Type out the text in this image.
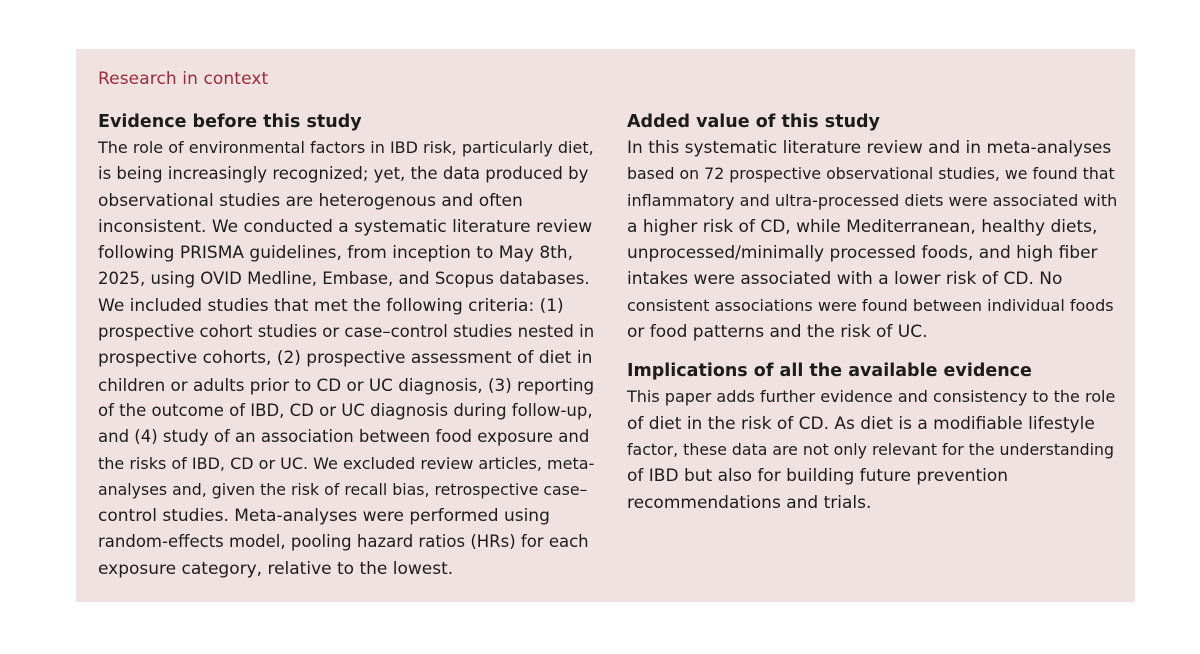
Research in context
Evidence before this study

The role of environmental factors in IBD risk, particularly diet,
is being increasingly recognized; yet, the data produced by
observational studies are heterogenous and often
inconsistent. We conducted a systematic literature review
following PRISMA guidelines, from inception to May 8th,
2025, using OVID Medline, Embase, and Scopus databases.
We included studies that met the following criteria: (1)
prospective cohort studies or case–control studies nested in
prospective cohorts, (2) prospective assessment of diet in
children or adults prior to CD or UC diagnosis, (3) reporting
of the outcome of IBD, CD or UC diagnosis during follow-up,
and (4) study of an association between food exposure and
the risks of IBD, CD or UC. We excluded review articles, meta-
analyses and, given the risk of recall bias, retrospective case–
control studies. Meta-analyses were performed using
random-effects model, pooling hazard ratios (HRs) for each
exposure category, relative to the lowest.

Added value of this study

In this systematic literature review and in meta-analyses
based on 72 prospective observational studies, we found that
inflammatory and ultra-processed diets were associated with
a higher risk of CD, while Mediterranean, healthy diets,
unprocessed/minimally processed foods, and high fiber
intakes were associated with a lower risk of CD. No
consistent associations were found between individual foods
or food patterns and the risk of UC.

Implications of all the available evidence

This paper adds further evidence and consistency to the role
of diet in the risk of CD. As diet is a modifiable lifestyle
factor, these data are not only relevant for the understanding
of IBD but also for building future prevention
recommendations and trials.
